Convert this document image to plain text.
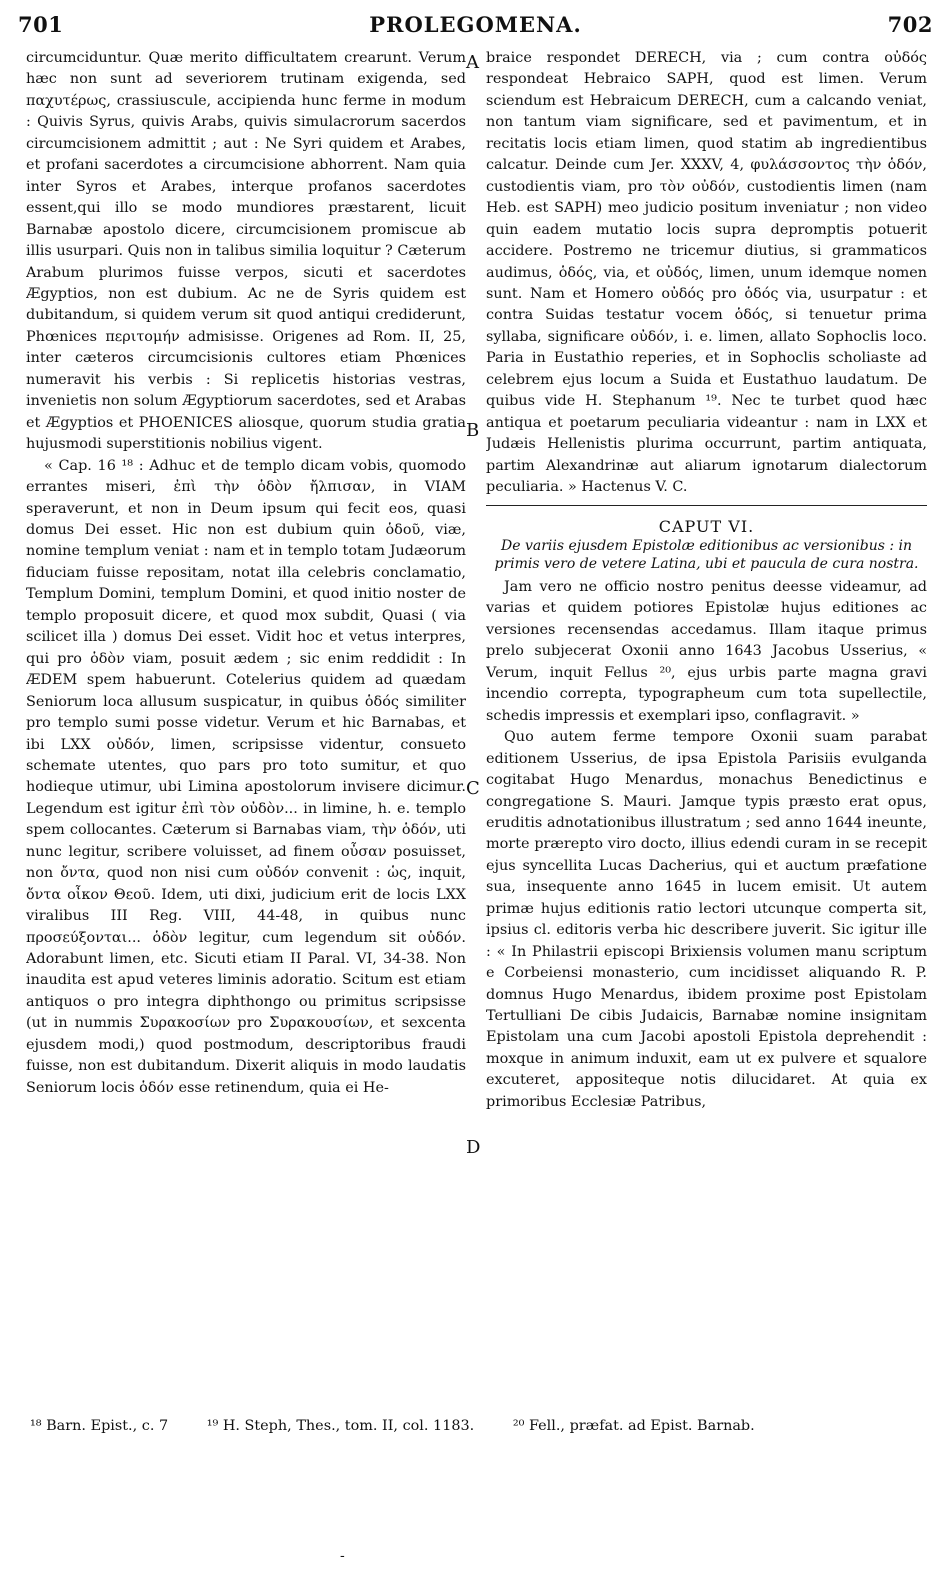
701	PROLEGOMENA.	702

circumciduntur. Quæ merito difficultatem crearunt. Verum hæc non sunt ad severiorem trutinam exigenda, sed παχυτέρως, crassiuscule, accipienda hunc ferme in modum : Quivis Syrus, quivis Arabs, quivis simulacrorum sacerdos circumcisionem admittit ; aut : Ne Syri quidem et Arabes, et profani sacerdotes a circumcisione abhorrent. Nam quia inter Syros et Arabes, interque profanos sacerdotes essent,qui illo se modo mundiores præstarent, licuit Barnabæ apostolo dicere, circumcisionem promiscue ab illis usurpari. Quis non in talibus similia loquitur ? Cæterum Arabum plurimos fuisse verpos, sicuti et sacerdotes Ægyptios, non est dubium. Ac ne de Syris quidem est dubitandum, si quidem verum sit quod antiqui crediderunt, Phœnices περιτομήν admisisse. Origenes ad Rom. II, 25, inter cæteros circumcisionis cultores etiam Phœnices numeravit his verbis : Si replicetis historias vestras, invenietis non solum Ægyptiorum sacerdotes, sed et Arabas et Ægyptios et PHOENICES aliosque, quorum studia gratia hujusmodi superstitionis nobilius vigent.

« Cap. 16 ¹⁸ : Adhuc et de templo dicam vobis, quomodo errantes miseri, ἐπὶ τὴν ὁδὸν ἤλπισαν, in VIAM speraverunt, et non in Deum ipsum qui fecit eos, quasi domus Dei esset. Hic non est dubium quin ὁδοῦ, viæ, nomine templum veniat : nam et in templo totam Judæorum fiduciam fuisse repositam, notat illa celebris conclamatio, Templum Domini, templum Domini, et quod initio noster de templo proposuit dicere, et quod mox subdit, Quasi ( via scilicet illa ) domus Dei esset. Vidit hoc et vetus interpres, qui pro ὁδὸν viam, posuit ædem ; sic enim reddidit : In ÆDEM spem habuerunt. Cotelerius quidem ad quædam Seniorum loca allusum suspicatur, in quibus ὁδός similiter pro templo sumi posse videtur. Verum et hic Barnabas, et ibi LXX οὐδόν, limen, scripsisse videntur, consueto schemate utentes, quo pars pro toto sumitur, et quo hodieque utimur, ubi Limina apostolorum invisere dicimur. Legendum est igitur ἐπὶ τὸν οὐδὸν... in limine, h. e. templo spem collocantes. Cæterum si Barnabas viam, τὴν ὁδόν, uti nunc legitur, scribere voluisset, ad finem οὖσαν posuisset, non ὄντα, quod non nisi cum οὐδόν convenit : ὡς, inquit, ὄντα οἶκον Θεοῦ. Idem, uti dixi, judicium erit de locis LXX viralibus III Reg. VIII, 44-48, in quibus nunc προσεύξονται... ὁδὸν legitur, cum legendum sit οὐδόν. Adorabunt limen, etc. Sicuti etiam II Paral. VI, 34-38. Non inaudita est apud veteres liminis adoratio. Scitum est etiam antiquos o pro integra diphthongo ou primitus scripsisse (ut in nummis Συρακοσίων pro Συρακουσίων, et sexcenta ejusdem modi,) quod postmodum, descriptoribus fraudi fuisse, non est dubitandum. Dixerit aliquis in modo laudatis Seniorum locis ὁδόν esse retinendum, quia ei He-

A
B
C
D

braice respondet DERECH, via ; cum contra οὐδός respondeat Hebraico SAPH, quod est limen. Verum sciendum est Hebraicum DERECH, cum a calcando veniat, non tantum viam significare, sed et pavimentum, et in recitatis locis etiam limen, quod statim ab ingredientibus calcatur. Deinde cum Jer. XXXV, 4, φυλάσσοντος τὴν ὁδόν, custodientis viam, pro τὸν οὐδόν, custodientis limen (nam Heb. est SAPH) meo judicio positum inveniatur ; non video quin eadem mutatio locis supra depromptis potuerit accidere. Postremo ne tricemur diutius, si grammaticos audimus, ὁδός, via, et οὐδός, limen, unum idemque nomen sunt. Nam et Homero οὐδός pro ὁδός via, usurpatur : et contra Suidas testatur vocem ὁδός, si tenuetur prima syllaba, significare οὐδόν, i. e. limen, allato Sophoclis loco. Paria in Eustathio reperies, et in Sophoclis scholiaste ad celebrem ejus locum a Suida et Eustathuo laudatum. De quibus vide H. Stephanum ¹⁹. Nec te turbet quod hæc antiqua et poetarum peculiaria videantur : nam in LXX et Judæis Hellenistis plurima occurrunt, partim antiquata, partim Alexandrinæ aut aliarum ignotarum dialectorum peculiaria. » Hactenus V. C.

CAPUT VI.
De variis ejusdem Epistolæ editionibus ac versionibus : in primis vero de vetere Latina, ubi et paucula de cura nostra.

Jam vero ne officio nostro penitus deesse videamur, ad varias et quidem potiores Epistolæ hujus editiones ac versiones recensendas accedamus. Illam itaque primus prelo subjecerat Oxonii anno 1643 Jacobus Usserius, « Verum, inquit Fellus ²⁰, ejus urbis parte magna gravi incendio correpta, typographeum cum tota supellectile, schedis impressis et exemplari ipso, conflagravit. »

Quo autem ferme tempore Oxonii suam parabat editionem Usserius, de ipsa Epistola Parisiis evulganda cogitabat Hugo Menardus, monachus Benedictinus e congregatione S. Mauri. Jamque typis præsto erat opus, eruditis adnotationibus illustratum ; sed anno 1644 ineunte, morte prærepto viro docto, illius edendi curam in se recepit ejus syncellita Lucas Dacherius, qui et auctum præfatione sua, insequente anno 1645 in lucem emisit. Ut autem primæ hujus editionis ratio lectori utcunque comperta sit, ipsius cl. editoris verba hic describere juverit. Sic igitur ille : « In Philastrii episcopi Brixiensis volumen manu scriptum e Corbeiensi monasterio, cum incidisset aliquando R. P. domnus Hugo Menardus, ibidem proxime post Epistolam Tertulliani De cibis Judaicis, Barnabæ nomine insignitam Epistolam una cum Jacobi apostoli Epistola deprehendit : moxque in animum induxit, eam ut ex pulvere et squalore excuteret, appositeque notis dilucidaret. At quia ex primoribus Ecclesiæ Patribus,

¹⁸ Barn. Epist., c. 7	¹⁹ H. Steph, Thes., tom. II, col. 1183.	²⁰ Fell., præfat. ad Epist. Barnab.
-
